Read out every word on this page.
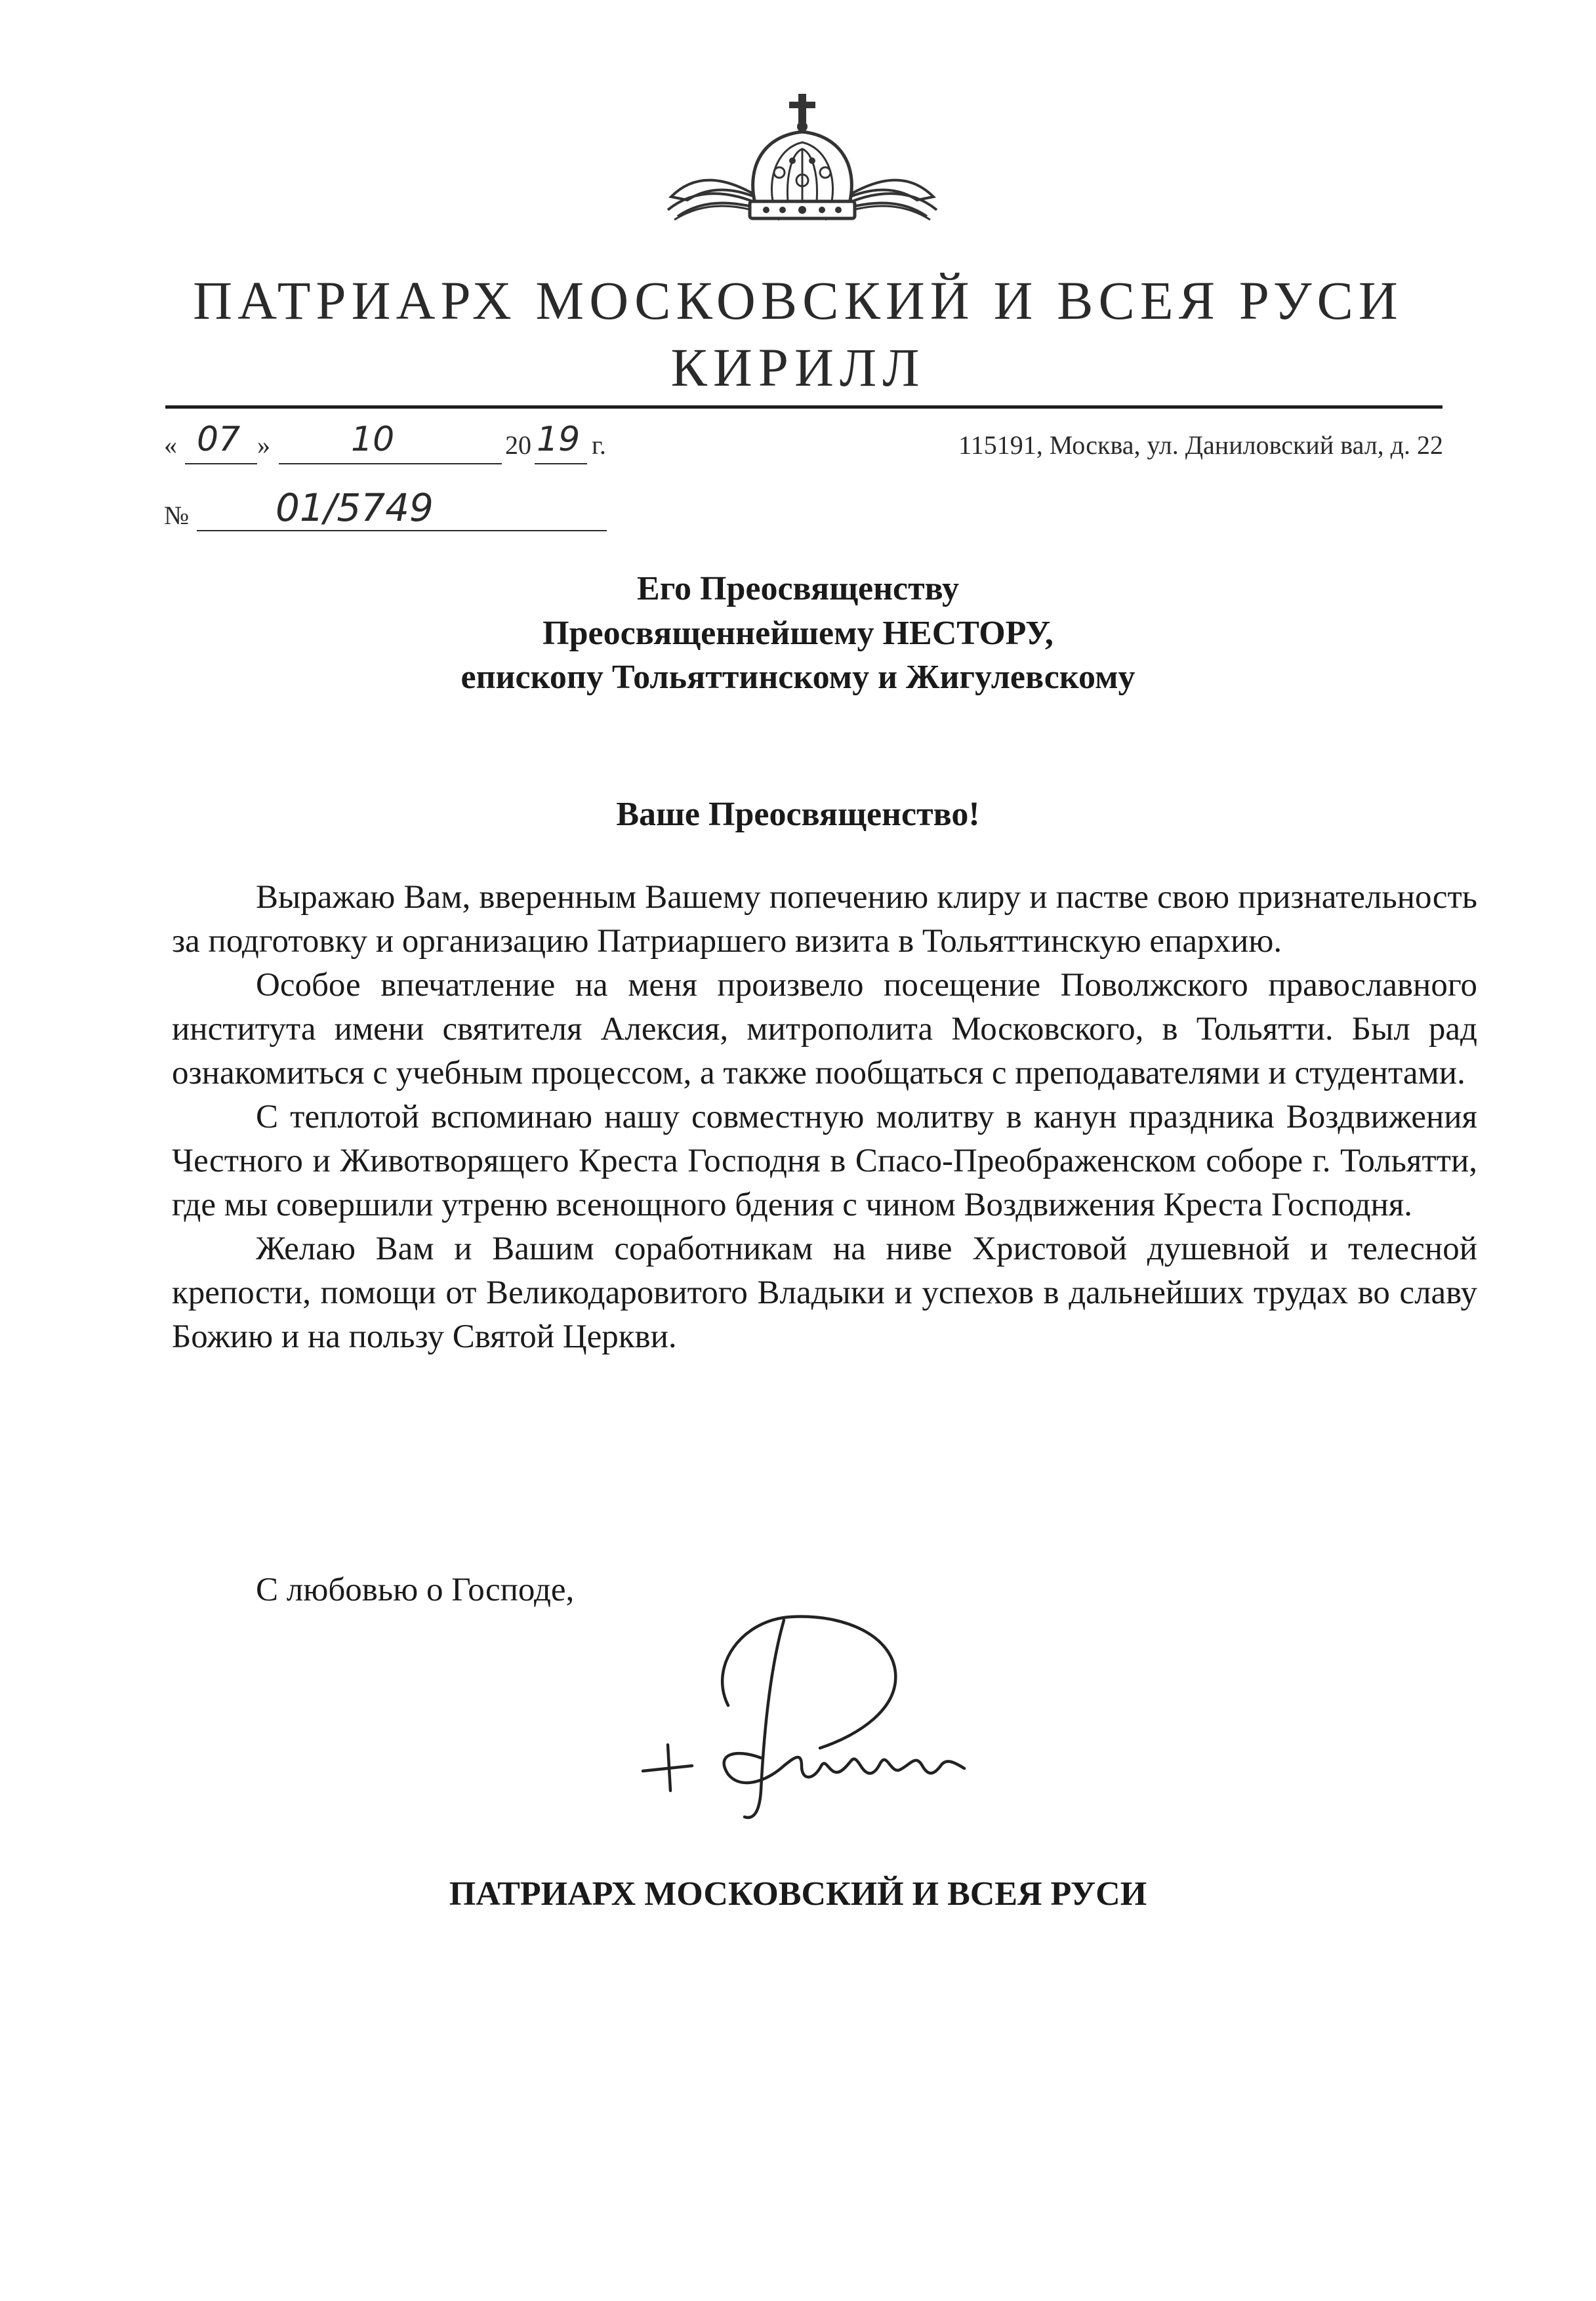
ПАТРИАРХ МОСКОВСКИЙ И ВСЕЯ РУСИ
КИРИЛЛ
« 07 » 10	20 19 г.	115191, Москва, ул. Даниловский вал, д. 22
№ 01/5749
Его Преосвященству
Преосвященнейшему НЕСТОРУ,
епископу Тольяттинскому и Жигулевскому
Ваше Преосвященство!

Выражаю Вам, вверенным Вашему попечению клиру и пастве свою признательность за подготовку и организацию Патриаршего визита в Тольяттинскую епархию.

Особое впечатление на меня произвело посещение Поволжского православного института имени святителя Алексия, митрополита Московского, в Тольятти. Был рад ознакомиться с учебным процессом, а также пообщаться с преподавателями и студентами.

С теплотой вспоминаю нашу совместную молитву в канун праздника Воздвижения Честного и Животворящего Креста Господня в Спасо-Преображенском соборе г. Тольятти, где мы совершили утреню всенощного бдения с чином Воздвижения Креста Господня.

Желаю Вам и Вашим соработникам на ниве Христовой душевной и телесной крепости, помощи от Великодаровитого Владыки и успехов в дальнейших трудах во славу Божию и на пользу Святой Церкви.

С любовью о Господе,
ПАТРИАРХ МОСКОВСКИЙ И ВСЕЯ РУСИ
